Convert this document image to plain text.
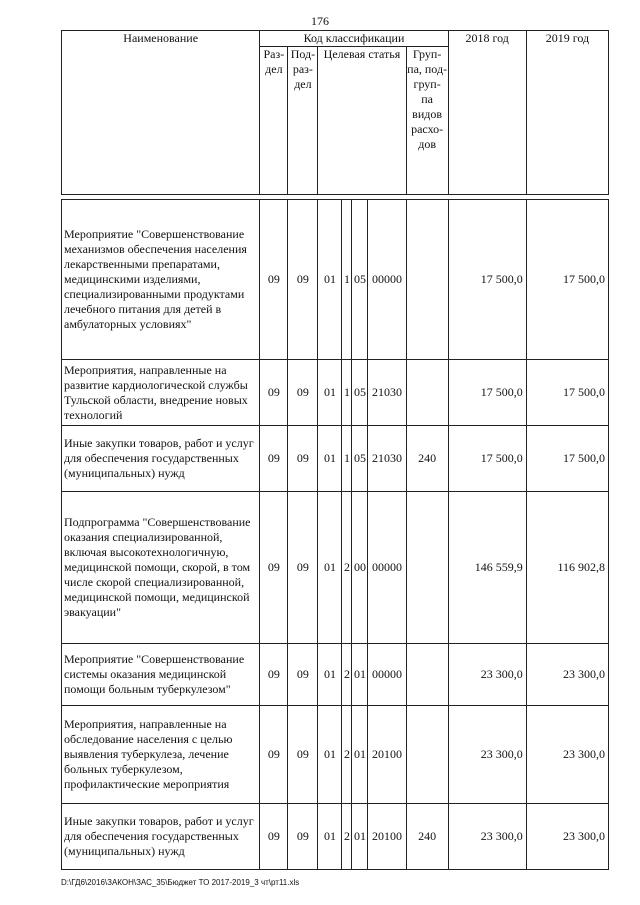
176
Наименование	Код классификации							2018 год	2019 год
	Раз- дел	Под- раз- дел	Целевая статья				Груп- па, под- груп- па видов расхо- дов		

Мероприятие "Совершенствование механизмов обеспечения населения лекарственными препаратами, медицинскими изделиями, специализированными продуктами лечебного питания для детей в амбулаторных условиях"	09	09	01	1	05	00000		17 500,0	17 500,0
Мероприятия, направленные на развитие кардиологической службы Тульской области, внедрение новых технологий	09	09	01	1	05	21030		17 500,0	17 500,0
Иные закупки товаров, работ и услуг для обеспечения государственных (муниципальных) нужд	09	09	01	1	05	21030	240	17 500,0	17 500,0
Подпрограмма "Совершенствование оказания специализированной, включая высокотехнологичную, медицинской помощи, скорой, в том числе скорой специализированной, медицинской помощи, медицинской эвакуации"	09	09	01	2	00	00000		146 559,9	116 902,8
Мероприятие "Совершенствование системы оказания медицинской помощи больным туберкулезом"	09	09	01	2	01	00000		23 300,0	23 300,0
Мероприятия, направленные на обследование населения с целью выявления туберкулеза, лечение больных туберкулезом, профилактические мероприятия	09	09	01	2	01	20100		23 300,0	23 300,0
Иные закупки товаров, работ и услуг для обеспечения государственных (муниципальных) нужд	09	09	01	2	01	20100	240	23 300,0	23 300,0
D:\ГД6\2016\ЗАКОН\ЗАС_35\Бюджет ТО 2017-2019_3 чт\рт11.xls
